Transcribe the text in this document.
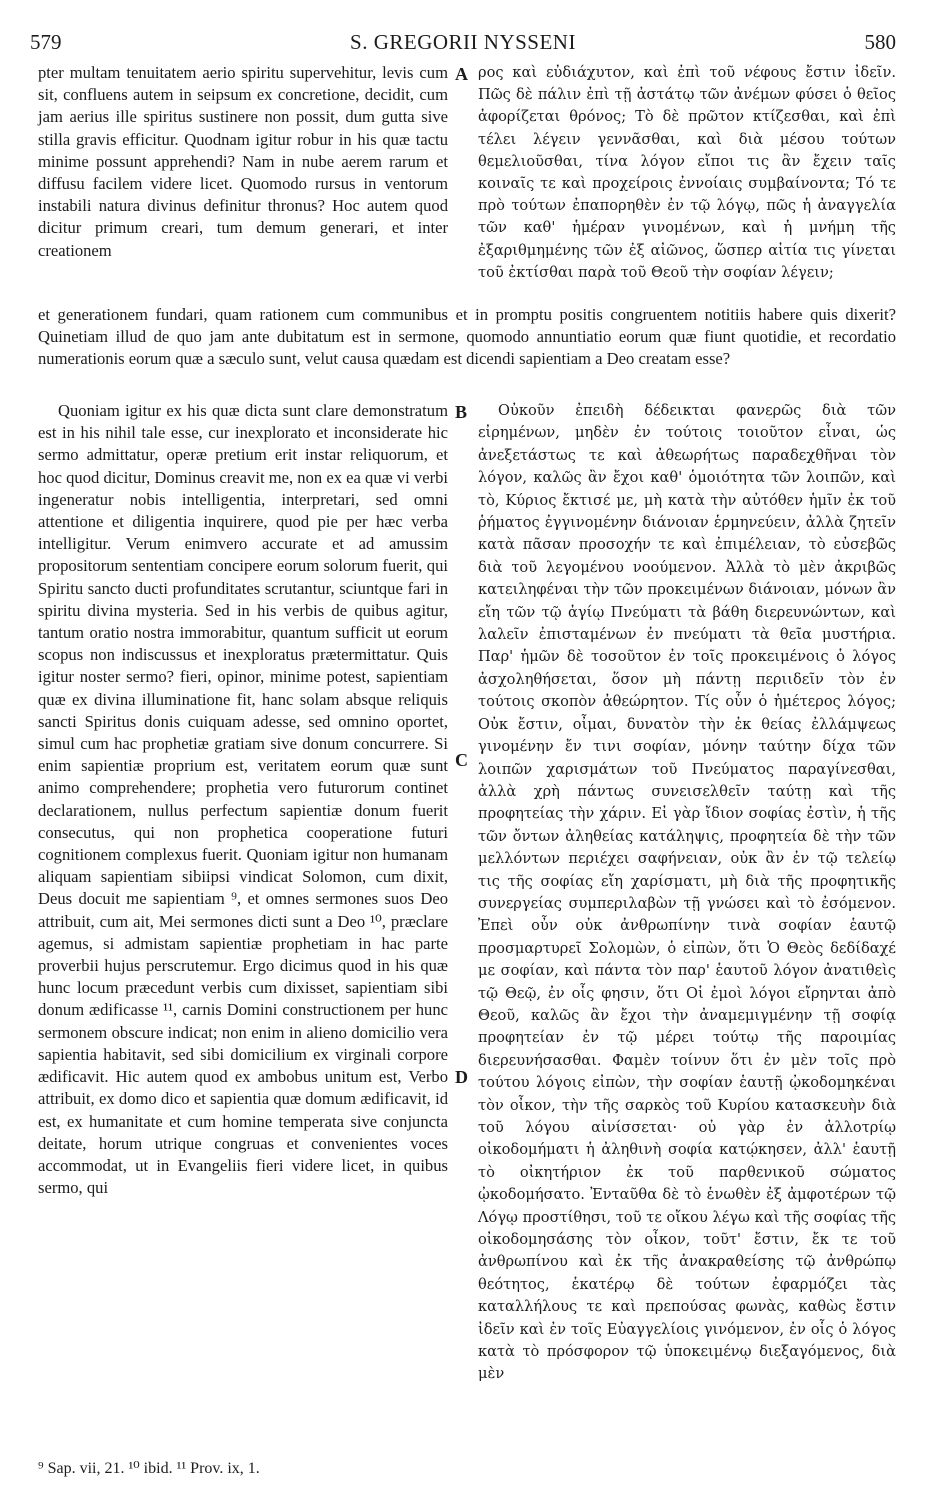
579	S. GREGORII NYSSENI	580

pter multam tenuitatem aerio spiritu supervehitur, levis cum sit, confluens autem in seipsum ex concretione, decidit, cum jam aerius ille spiritus sustinere non possit, dum gutta sive stilla gravis efficitur. Quodnam igitur robur in his quæ tactu minime possunt apprehendi? Nam in nube aerem rarum et diffusu facilem videre licet. Quomodo rursus in ventorum instabili natura divinus definitur thronus? Hoc autem quod dicitur primum creari, tum demum generari, et inter creationem

A ρος καὶ εὐδιάχυτον, καὶ ἐπὶ τοῦ νέφους ἔστιν ἰδεῖν. Πῶς δὲ πάλιν ἐπὶ τῇ ἀστάτῳ τῶν ἀνέμων φύσει ὁ θεῖος ἀφορίζεται θρόνος; Τὸ δὲ πρῶτον κτίζεσθαι, καὶ ἐπὶ τέλει λέγειν γεννᾶσθαι, καὶ διὰ μέσου τούτων θεμελιοῦσθαι, τίνα λόγον εἴποι τις ἂν ἔχειν ταῖς κοιναῖς τε καὶ προχείροις ἐννοίαις συμβαίνοντα; Τό τε πρὸ τούτων ἐπαπορηθὲν ἐν τῷ λόγῳ, πῶς ἡ ἀναγγελία τῶν καθ' ἡμέραν γινομένων, καὶ ἡ μνήμη τῆς ἐξαριθμημένης τῶν ἐξ αἰῶνος, ὥσπερ αἰτία τις γίνεται τοῦ ἐκτίσθαι παρὰ τοῦ Θεοῦ τὴν σοφίαν λέγειν;

et generationem fundari, quam rationem cum communibus et in promptu positis congruentem notitiis habere quis dixerit? Quinetiam illud de quo jam ante dubitatum est in sermone, quomodo annuntiatio eorum quæ fiunt quotidie, et recordatio numerationis eorum quæ a sæculo sunt, velut causa quædam est dicendi sapientiam a Deo creatam esse?

B

Quoniam igitur ex his quæ dicta sunt clare demonstratum est in his nihil tale esse, cur inexplorato et inconsiderate hic sermo admittatur, operæ pretium erit instar reliquorum, et hoc quod dicitur, Dominus creavit me, non ex ea quæ vi verbi ingeneratur nobis intelligentia, interpretari, sed omni attentione et diligentia inquirere, quod pie per hæc verba intelligitur. Verum enimvero accurate et ad amussim propositorum sententiam concipere eorum solorum fuerit, qui Spiritu sancto ducti profunditates scrutantur, sciuntque fari in spiritu divina mysteria. Sed in his verbis de quibus agitur, tantum oratio nostra immorabitur, quantum sufficit ut eorum scopus non indiscussus et inexploratus prætermittatur. Quis igitur noster sermo? fieri, opinor, minime potest, sapientiam quæ ex divina illuminatione fit, hanc solam absque reliquis sancti Spiritus donis cuiquam adesse, sed omnino oportet, simul cum hac prophetiæ gratiam sive donum concurrere. Si enim sapientiæ proprium est, veritatem eorum quæ sunt animo comprehendere; prophetia vero futurorum continet declarationem, nullus perfectum sapientiæ donum fuerit consecutus, qui non prophetica cooperatione futuri cognitionem complexus fuerit. Quoniam igitur non humanam aliquam sapientiam sibiipsi vindicat Solomon, cum dixit, Deus docuit me sapientiam ⁹, et omnes sermones suos Deo attribuit, cum ait, Mei sermones dicti sunt a Deo ¹⁰, præclare agemus, si admistam sapientiæ prophetiam in hac parte proverbii hujus perscrutemur. Ergo dicimus quod in his quæ hunc locum præcedunt verbis cum dixisset, sapientiam sibi donum ædificasse ¹¹, carnis Domini constructionem per hunc sermonem obscure indicat; non enim in alieno domicilio vera sapientia habitavit, sed sibi domicilium ex virginali corpore ædificavit. Hic autem quod ex ambobus unitum est, Verbo attribuit, ex domo dico et sapientia quæ domum ædificavit, id est, ex humanitate et cum homine temperata sive conjuncta deitate, horum utrique congruas et convenientes voces accommodat, ut in Evangeliis fieri videre licet, in quibus sermo, qui

Οὐκοῦν ἐπειδὴ δέδεικται φανερῶς διὰ τῶν εἰρημένων, μηδὲν ἐν τούτοις τοιοῦτον εἶναι, ὡς ἀνεξετάστως τε καὶ ἀθεωρήτως παραδεχθῆναι τὸν λόγον, καλῶς ἂν ἔχοι καθ' ὁμοιότητα τῶν λοιπῶν, καὶ τὸ, Κύριος ἔκτισέ με, μὴ κατὰ τὴν αὐτόθεν ἡμῖν ἐκ τοῦ ῥήματος ἐγγινομένην διάνοιαν ἑρμηνεύειν, ἀλλὰ ζητεῖν κατὰ πᾶσαν προσοχήν τε καὶ ἐπιμέλειαν, τὸ εὐσεβῶς διὰ τοῦ λεγομένου νοούμενον. Ἀλλὰ τὸ μὲν ἀκριβῶς κατειληφέναι τὴν τῶν προκειμένων διάνοιαν, μόνων ἂν εἴη τῶν τῷ ἁγίῳ Πνεύματι τὰ βάθη διερευνώντων, καὶ λαλεῖν ἐπισταμένων ἐν πνεύματι τὰ θεῖα μυστήρια. Παρ' ἡμῶν δὲ τοσοῦτον ἐν τοῖς προκειμένοις ὁ λόγος ἀσχοληθήσεται, ὅσον μὴ πάντῃ περιιδεῖν τὸν ἐν τούτοις σκοπὸν ἀθεώρητον. Τίς οὖν ὁ ἡμέτερος λόγος; Οὐκ ἔστιν, οἶμαι, δυνατὸν τὴν ἐκ θείας ἐλλάμψεως γινομένην ἔν τινι σοφίαν, μόνην ταύτην δίχα τῶν λοιπῶν χαρισμάτων τοῦ Πνεύματος παραγίνεσθαι, ἀλλὰ χρὴ πάντως συνεισελθεῖν ταύτῃ καὶ τῆς προφητείας τὴν χάριν. Εἰ γὰρ ἴδιον σοφίας ἐστὶν, ἡ τῆς τῶν ὄντων ἀληθείας κατάληψις, προφητεία δὲ τὴν τῶν μελλόντων περιέχει σαφήνειαν, οὐκ ἂν ἐν τῷ τελείῳ τις τῆς σοφίας εἴη χαρίσματι, μὴ διὰ τῆς προφητικῆς συνεργείας συμπεριλαβὼν τῇ γνώσει καὶ τὸ ἐσόμενον. Ἐπεὶ οὖν οὐκ ἀνθρωπίνην τινὰ σοφίαν ἑαυτῷ προσμαρτυρεῖ Σολομὼν, ὁ εἰπὼν, ὅτι Ὁ Θεὸς δεδίδαχέ με σοφίαν, καὶ πάντα τὸν παρ' ἑαυτοῦ λόγον ἀνατιθεὶς τῷ Θεῷ, ἐν οἷς φησιν, ὅτι Οἱ ἐμοὶ λόγοι εἴρηνται ἀπὸ Θεοῦ, καλῶς ἂν ἔχοι τὴν ἀναμεμιγμένην τῇ σοφίᾳ προφητείαν ἐν τῷ μέρει τούτῳ τῆς παροιμίας διερευνήσασθαι. Φαμὲν τοίνυν ὅτι ἐν μὲν τοῖς πρὸ τούτου λόγοις εἰπὼν, τὴν σοφίαν ἑαυτῇ ᾠκοδομηκέναι τὸν οἶκον, τὴν τῆς σαρκὸς τοῦ Κυρίου κατασκευὴν διὰ τοῦ λόγου αἰνίσσεται· οὐ γὰρ ἐν ἀλλοτρίῳ οἰκοδομήματι ἡ ἀληθινὴ σοφία κατῴκησεν, ἀλλ' ἑαυτῇ τὸ οἰκητήριον ἐκ τοῦ παρθενικοῦ σώματος ᾠκοδομήσατο. Ἐνταῦθα δὲ τὸ ἑνωθὲν ἐξ ἀμφοτέρων τῷ Λόγῳ προστίθησι, τοῦ τε οἴκου λέγω καὶ τῆς σοφίας τῆς οἰκοδομησάσης τὸν οἶκον, τοῦτ' ἔστιν, ἔκ τε τοῦ ἀνθρωπίνου καὶ ἐκ τῆς ἀνακραθείσης τῷ ἀνθρώπῳ θεότητος, ἑκατέρῳ δὲ τούτων ἐφαρμόζει τὰς καταλλήλους τε καὶ πρεπούσας φωνὰς, καθὼς ἔστιν ἰδεῖν καὶ ἐν τοῖς Εὐαγγελίοις γινόμενον, ἐν οἷς ὁ λόγος κατὰ τὸ πρόσφορον τῷ ὑποκειμένῳ διεξαγόμενος, διὰ μὲν

C
D
⁹ Sap. vii, 21. ¹⁰ ibid. ¹¹ Prov. ix, 1.
